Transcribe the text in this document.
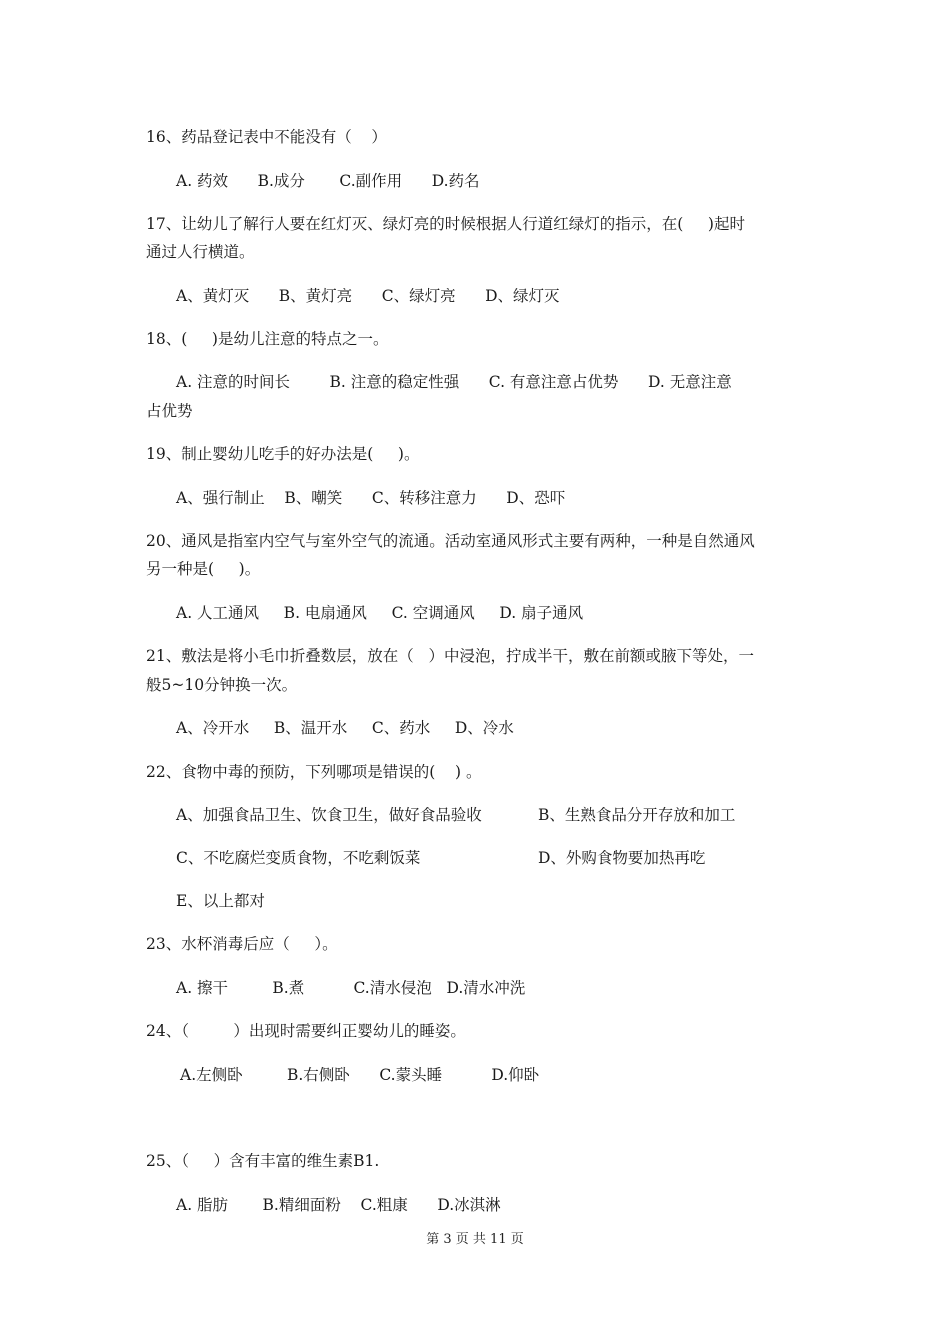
16、药品登记表中不能没有（    ）
A. 药效      B.成分       C.副作用      D.药名
17、让幼儿了解行人要在红灯灭、绿灯亮的时候根据人行道红绿灯的指示，在(     )起时
通过人行横道。
A、黄灯灭      B、黄灯亮      C、绿灯亮      D、绿灯灭
18、(     )是幼儿注意的特点之一。
A. 注意的时间长        B. 注意的稳定性强      C. 有意注意占优势      D. 无意注意
占优势
19、制止婴幼儿吃手的好办法是(     )。
A、强行制止    B、嘲笑      C、转移注意力      D、恐吓
20、通风是指室内空气与室外空气的流通。活动室通风形式主要有两种，一种是自然通风
另一种是(     )。
A. 人工通风     B. 电扇通风     C. 空调通风     D. 扇子通风
21、敷法是将小毛巾折叠数层，放在（   ）中浸泡，拧成半干，敷在前额或腋下等处，一
般5~10分钟换一次。
A、冷开水     B、温开水     C、药水     D、冷水
22、食物中毒的预防，下列哪项是错误的(    ) 。
A、加强食品卫生、饮食卫生，做好食品验收	B、生熟食品分开存放和加工
C、不吃腐烂变质食物，不吃剩饭菜	D、外购食物要加热再吃
E、以上都对
23、水杯消毒后应（     ）。
A. 擦干         B.煮          C.清水侵泡   D.清水冲洗
24、（         ）出现时需要纠正婴幼儿的睡姿。
A.左侧卧         B.右侧卧      C.蒙头睡          D.仰卧
25、（     ）含有丰富的维生素B1.
A. 脂肪       B.精细面粉    C.粗康      D.冰淇淋
第 3 页 共 11 页
